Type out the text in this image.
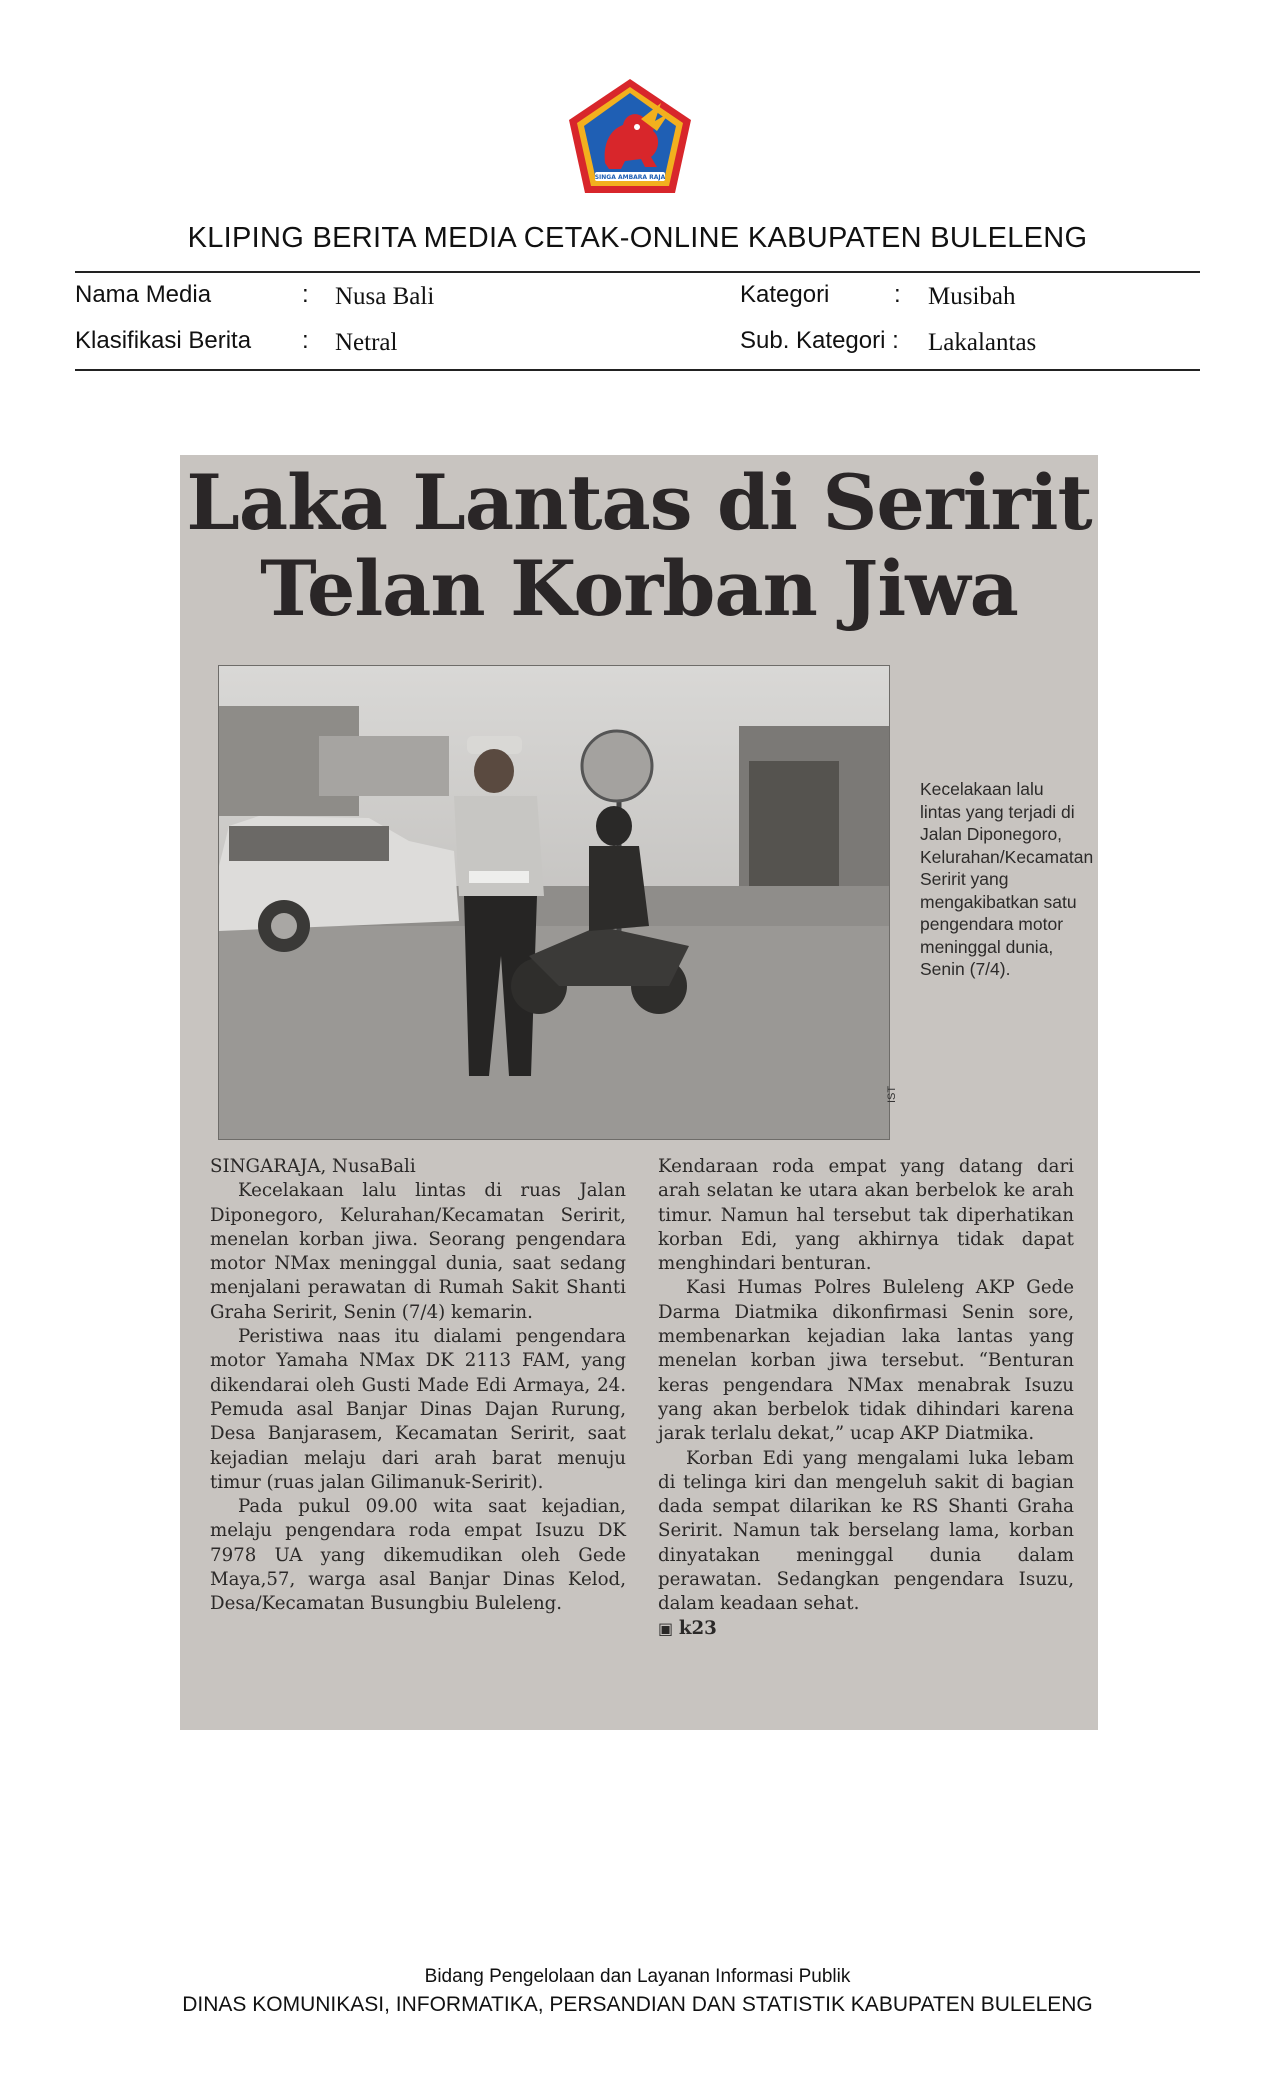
SINGA AMBARA RAJA
KLIPING BERITA MEDIA CETAK-ONLINE KABUPATEN BULELENG
Nama Media	: Nusa Bali	Kategori	: Musibah
Klasifikasi Berita : Netral	Sub. Kategori : Lakalantas
Laka Lantas di Seririt
Telan Korban Jiwa
IST
Kecelakaan lalu lintas yang terjadi di Jalan Diponegoro, Kelurahan/Kecamatan Seririt yang mengakibatkan satu pengendara motor meninggal dunia, Senin (7/4).

SINGARAJA, NusaBali

Kecelakaan lalu lintas di ruas Jalan Diponegoro, Kelurahan/Kecamatan Seririt, menelan korban jiwa. Seorang pengendara motor NMax meninggal dunia, saat sedang menjalani perawatan di Rumah Sakit Shanti Graha Seririt, Senin (7/4) kemarin.

Peristiwa naas itu dialami pengendara motor Yamaha NMax DK 2113 FAM, yang dikendarai oleh Gusti Made Edi Armaya, 24. Pemuda asal Banjar Dinas Dajan Rurung, Desa Banjarasem, Kecamatan Seririt, saat kejadian melaju dari arah barat menuju timur (ruas jalan Gilimanuk-Seririt).

Pada pukul 09.00 wita saat kejadian, melaju pengendara roda empat Isuzu DK 7978 UA yang dikemudikan oleh Gede Maya,57, warga asal Banjar Dinas Kelod, Desa/Kecamatan Busungbiu Buleleng.

Kendaraan roda empat yang datang dari arah selatan ke utara akan berbelok ke arah timur. Namun hal tersebut tak diperhatikan korban Edi, yang akhirnya tidak dapat menghindari benturan.

Kasi Humas Polres Buleleng AKP Gede Darma Diatmika dikonfirmasi Senin sore, membenarkan kejadian laka lantas yang menelan korban jiwa tersebut. “Benturan keras pengendara NMax menabrak Isuzu yang akan berbelok tidak dihindari karena jarak terlalu dekat,” ucap AKP Diatmika.

Korban Edi yang mengalami luka lebam di telinga kiri dan mengeluh sakit di bagian dada sempat dilarikan ke RS Shanti Graha Seririt. Namun tak berselang lama, korban dinyatakan meninggal dunia dalam perawatan. Sedangkan pengendara Isuzu, dalam keadaan sehat.

▣ k23

Bidang Pengelolaan dan Layanan Informasi Publik
DINAS KOMUNIKASI, INFORMATIKA, PERSANDIAN DAN STATISTIK KABUPATEN BULELENG
